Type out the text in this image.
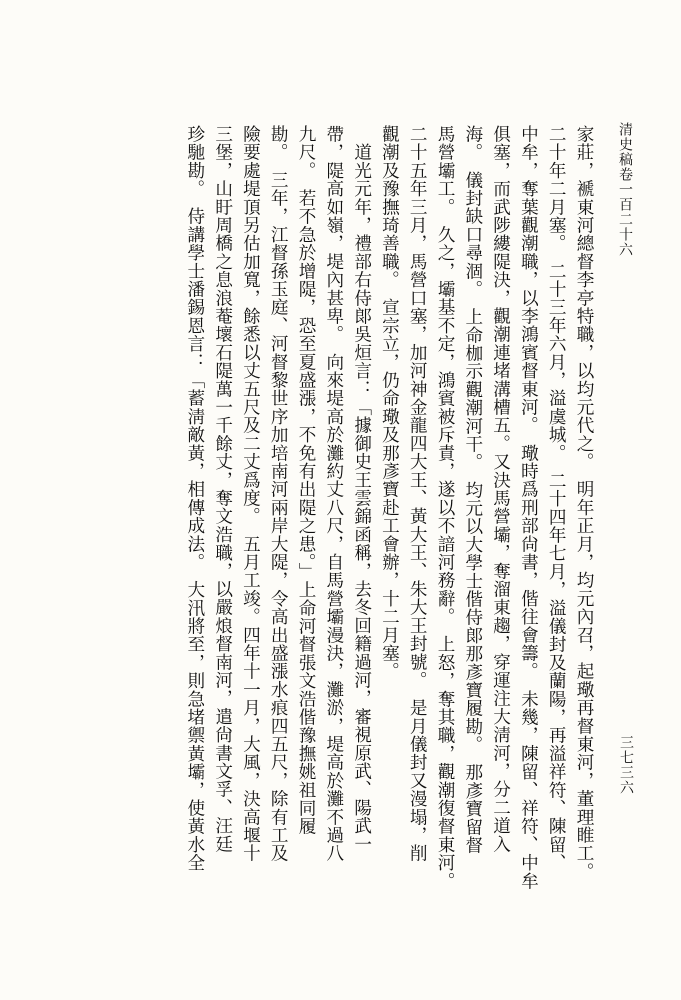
清史稿卷一百二十六
三七三六
家莊，褫東河總督李亭特職，以均元代之。　明年正月，均元內召，起璥再督東河，董理睢工。
二十年二月塞。　二十三年六月，溢虞城。　二十四年七月，溢儀封及蘭陽，再溢祥符、陳留、
中牟，奪葉觀潮職，以李鴻賓督東河。　璥時爲刑部尙書，偕往會籌。　未幾，陳留、祥符、中牟
俱塞，而武陟縷隄決，觀潮連堵溝槽五。又決馬營壩，奪溜東趨，穿運注大淸河，分二道入
海。　儀封缺口尋涸。　上命枷示觀潮河干。　均元以大學士偕侍郞那彥寶履勘。　那彥寶留督
馬營壩工。　久之，壩基不定，鴻賓被斥責，遂以不諳河務辭。　上怒，奪其職，觀潮復督東河。
二十五年三月，馬營口塞，加河神金龍四大王、黃大王、朱大王封號。　是月儀封又漫塌，削
觀潮及豫撫琦善職。　宣宗立，仍命璥及那彥寶赴工會辦，十二月塞。
　道光元年，禮部右侍郞吳烜言：「據御史王雲錦函稱，去冬回籍過河，審視原武、陽武一
帶，隄高如嶺，堤內甚卑。　向來堤高於灘約丈八尺，自馬營壩漫決，灘淤，堤高於灘不過八
九尺。　若不急於增隄，恐至夏盛漲，不免有出隄之患。」上命河督張文浩偕豫撫姚祖同履
勘。　三年，江督孫玉庭、河督黎世序加培南河兩岸大隄，令高出盛漲水痕四五尺，除有工及
險要處堤頂另估加寬，餘悉以丈五尺及二丈爲度。　五月工竣。四年十一月，大風，決高堰十
三堡，山盱周橋之息浪菴壞石隄萬一千餘丈，奪文浩職，以嚴烺督南河，遣尙書文孚、汪廷
珍馳勘。　侍講學士潘錫恩言：「蓄淸敵黃，相傳成法。　大汛將至，則急堵禦黃壩，使黃水全
